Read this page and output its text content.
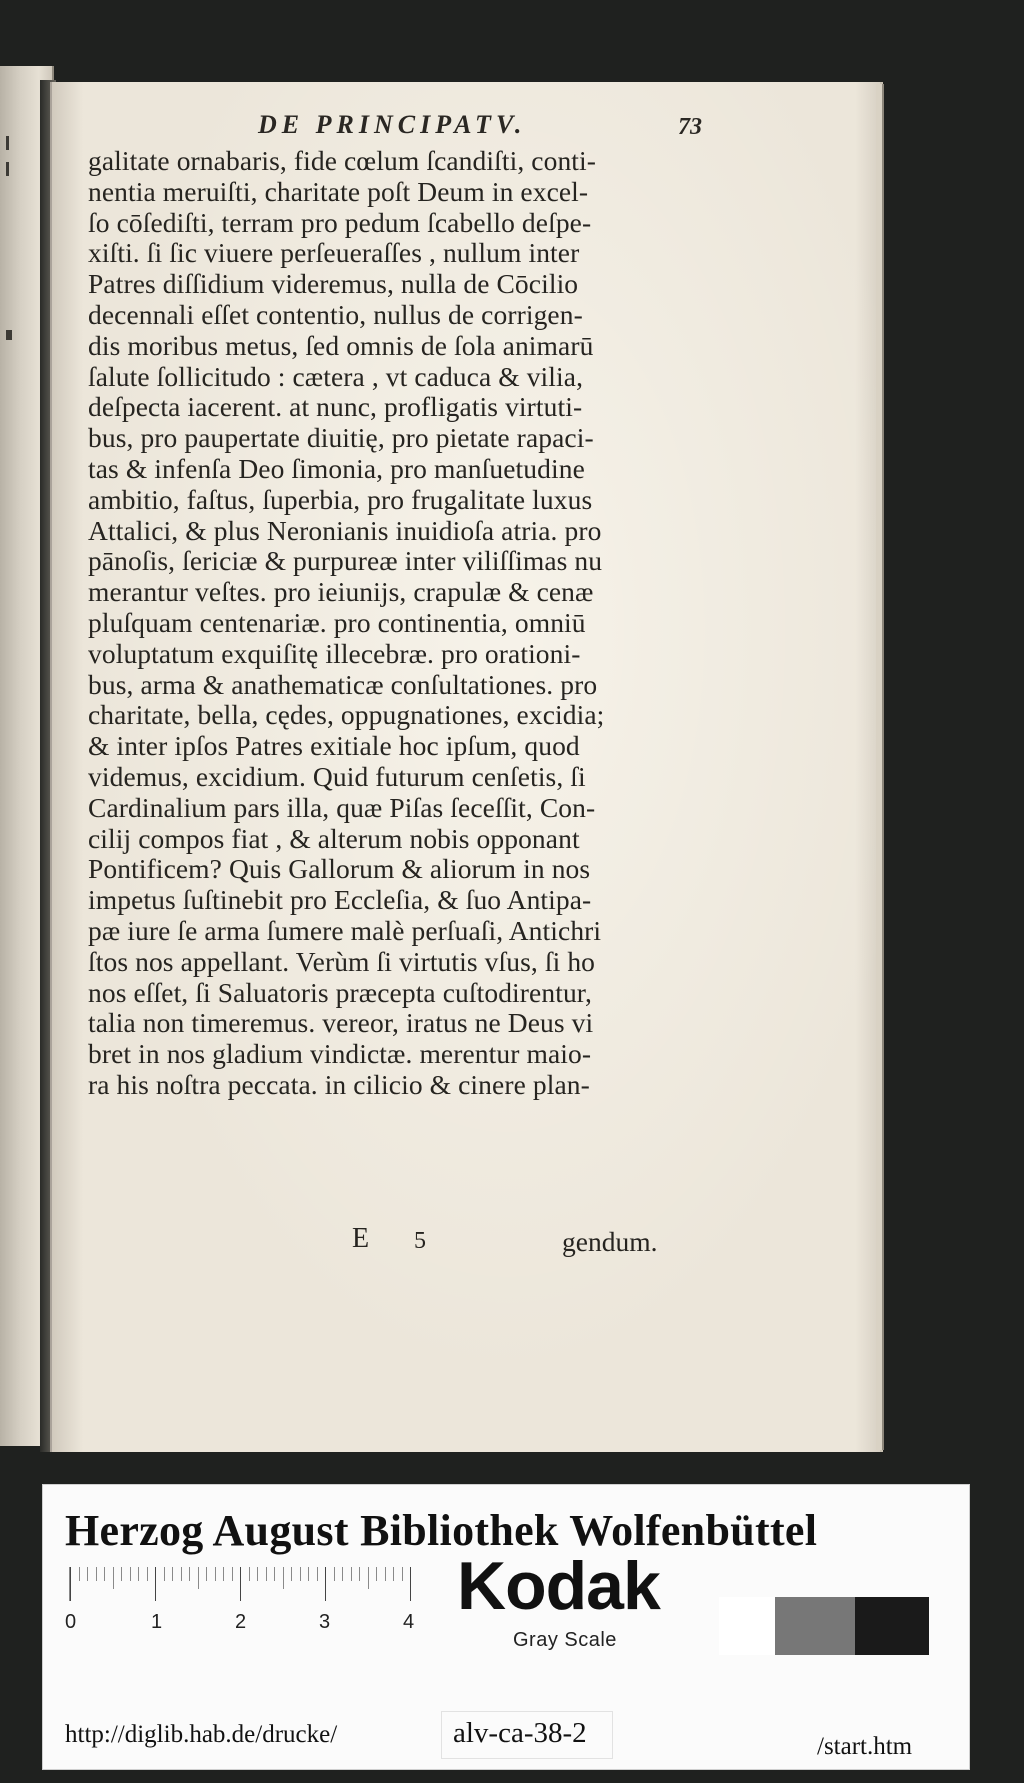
DE PRINCIPATV.	73
galitate ornabaris, fide cœlum ſcandiſti, conti-
nentia meruiſti, charitate poſt Deum in excel-
ſo cōſediſti, terram pro pedum ſcabello deſpe-
xiſti. ſi ſic viuere perſeueraſſes , nullum inter
Patres diſſidium videremus, nulla de Cōcilio
decennali eſſet contentio, nullus de corrigen-
dis moribus metus, ſed omnis de ſola animarū
ſalute ſollicitudo : cætera , vt caduca & vilia,
deſpecta iacerent. at nunc, profligatis virtuti-
bus, pro paupertate diuitię, pro pietate rapaci-
tas & infenſa Deo ſimonia, pro manſuetudine
ambitio, faſtus, ſuperbia, pro frugalitate luxus
Attalici, & plus Neronianis inuidioſa atria. pro
pānoſis, ſericiæ & purpureæ inter viliſſimas nu
merantur veſtes. pro ieiunijs, crapulæ & cenæ
pluſquam centenariæ. pro continentia, omniū
voluptatum exquiſitę illecebræ. pro orationi-
bus, arma & anathematicæ conſultationes. pro
charitate, bella, cędes, oppugnationes, excidia;
& inter ipſos Patres exitiale hoc ipſum, quod
videmus, excidium. Quid futurum cenſetis, ſi
Cardinalium pars illa, quæ Piſas ſeceſſit, Con-
cilij compos fiat , & alterum nobis opponant
Pontificem? Quis Gallorum & aliorum in nos
impetus ſuſtinebit pro Eccleſia, & ſuo Antipa-
pæ iure ſe arma ſumere malè perſuaſi, Antichri
ſtos nos appellant. Verùm ſi virtutis vſus, ſi ho
nos eſſet, ſi Saluatoris præcepta cuſtodirentur,
talia non timeremus. vereor, iratus ne Deus vi
bret in nos gladium vindictæ. merentur maio-
ra his noſtra peccata. in cilicio & cinere plan-
E 5	gendum.
Herzog August Bibliothek Wolfenbüttel
0	1	2	3	4 Kodak
Gray Scale
http://diglib.hab.de/drucke/	alv-ca-38-2	/start.htm
